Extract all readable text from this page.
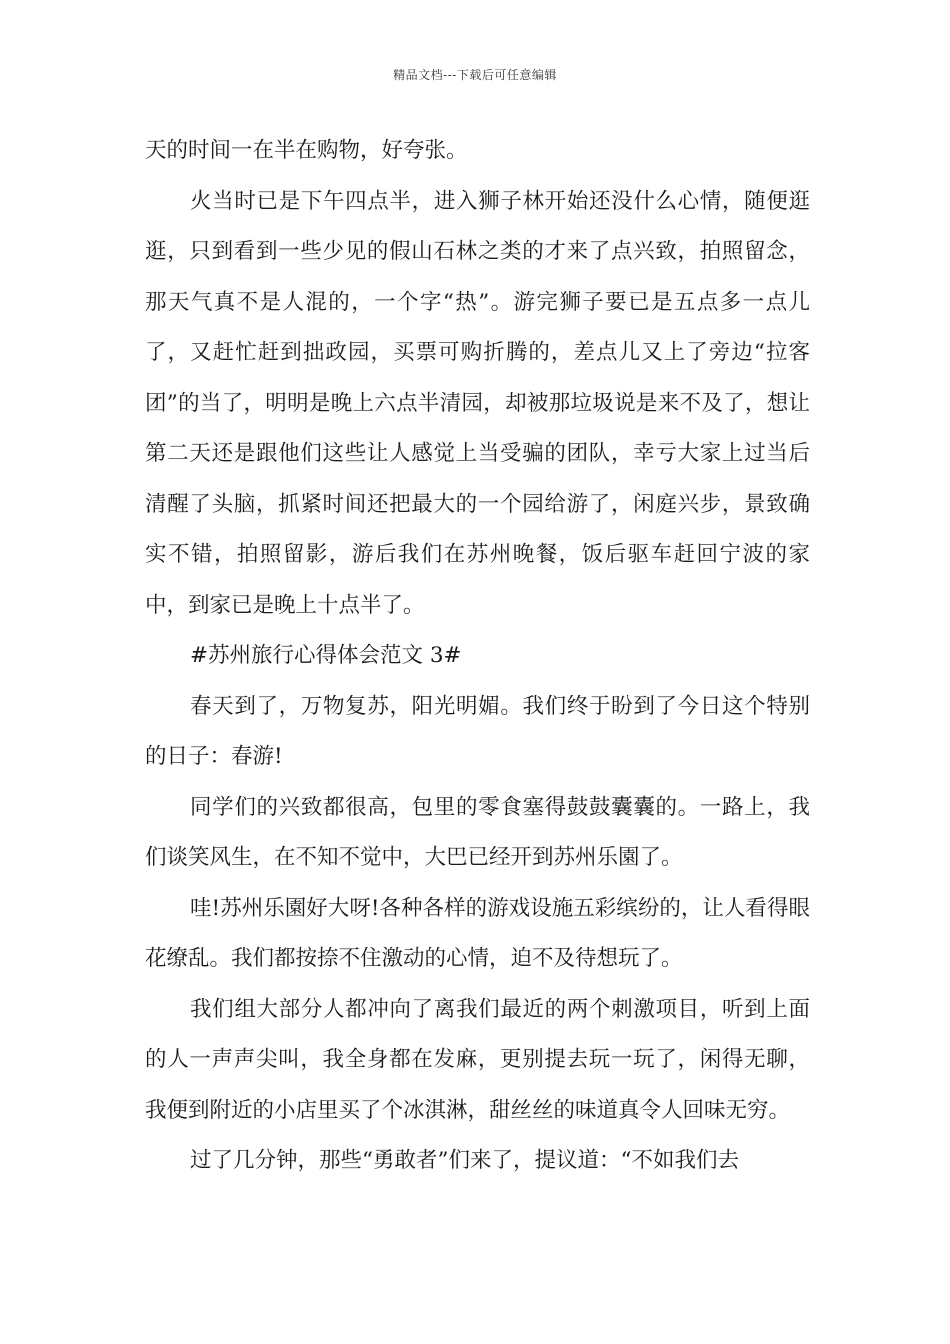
精品文档---下载后可任意编辑

天的时间一在半在购物，好夸张。

火当时已是下午四点半，进入狮子林开始还没什么心情，随便逛逛，只到看到一些少见的假山石林之类的才来了点兴致，拍照留念，那天气真不是人混的，一个字“热”。游完狮子要已是五点多一点儿了，又赶忙赶到拙政园，买票可购折腾的，差点儿又上了旁边“拉客团”的当了，明明是晚上六点半清园，却被那垃圾说是来不及了，想让第二天还是跟他们这些让人感觉上当受骗的团队，幸亏大家上过当后清醒了头脑，抓紧时间还把最大的一个园给游了，闲庭兴步，景致确实不错，拍照留影，游后我们在苏州晚餐，饭后驱车赶回宁波的家中，到家已是晚上十点半了。

#苏州旅行心得体会范文 3#

春天到了，万物复苏，阳光明媚。我们终于盼到了今日这个特别的日子：春游!

同学们的兴致都很高，包里的零食塞得鼓鼓囊囊的。一路上，我们谈笑风生，在不知不觉中，大巴已经开到苏州乐園了。

哇!苏州乐園好大呀!各种各样的游戏设施五彩缤纷的，让人看得眼花缭乱。我们都按捺不住激动的心情，迫不及待想玩了。

我们组大部分人都冲向了离我们最近的两个刺激项目，听到上面的人一声声尖叫，我全身都在发麻，更别提去玩一玩了，闲得无聊，我便到附近的小店里买了个冰淇淋，甜丝丝的味道真令人回味无穷。

过了几分钟，那些“勇敢者”们来了，提议道：“不如我们去
